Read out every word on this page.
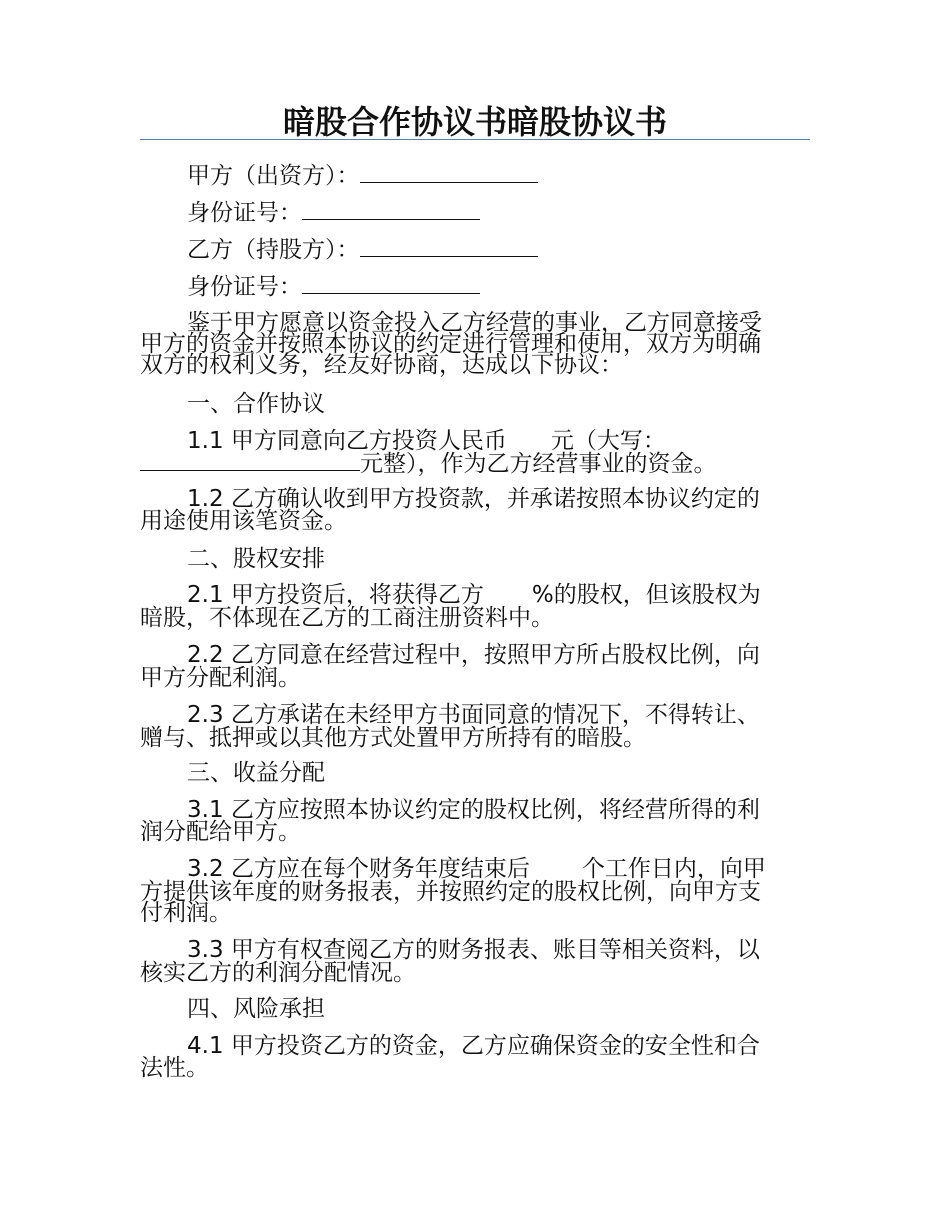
暗股合作协议书暗股协议书
甲方（出资方）：
身份证号：
乙方（持股方）：
身份证号：
鉴于甲方愿意以资金投入乙方经营的事业，乙方同意接受
甲方的资金并按照本协议的约定进行管理和使用，双方为明确
双方的权利义务，经友好协商，达成以下协议：
一、合作协议
1.1 甲方同意向乙方投资人民币 元（大写：
元整），作为乙方经营事业的资金。
1.2 乙方确认收到甲方投资款，并承诺按照本协议约定的
用途使用该笔资金。
二、股权安排
2.1 甲方投资后，将获得乙方 %的股权，但该股权为
暗股，不体现在乙方的工商注册资料中。
2.2 乙方同意在经营过程中，按照甲方所占股权比例，向
甲方分配利润。
2.3 乙方承诺在未经甲方书面同意的情况下，不得转让、
赠与、抵押或以其他方式处置甲方所持有的暗股。
三、收益分配
3.1 乙方应按照本协议约定的股权比例，将经营所得的利
润分配给甲方。
3.2 乙方应在每个财务年度结束后 个工作日内，向甲
方提供该年度的财务报表，并按照约定的股权比例，向甲方支
付利润。
3.3 甲方有权查阅乙方的财务报表、账目等相关资料，以
核实乙方的利润分配情况。
四、风险承担
4.1 甲方投资乙方的资金，乙方应确保资金的安全性和合
法性。
